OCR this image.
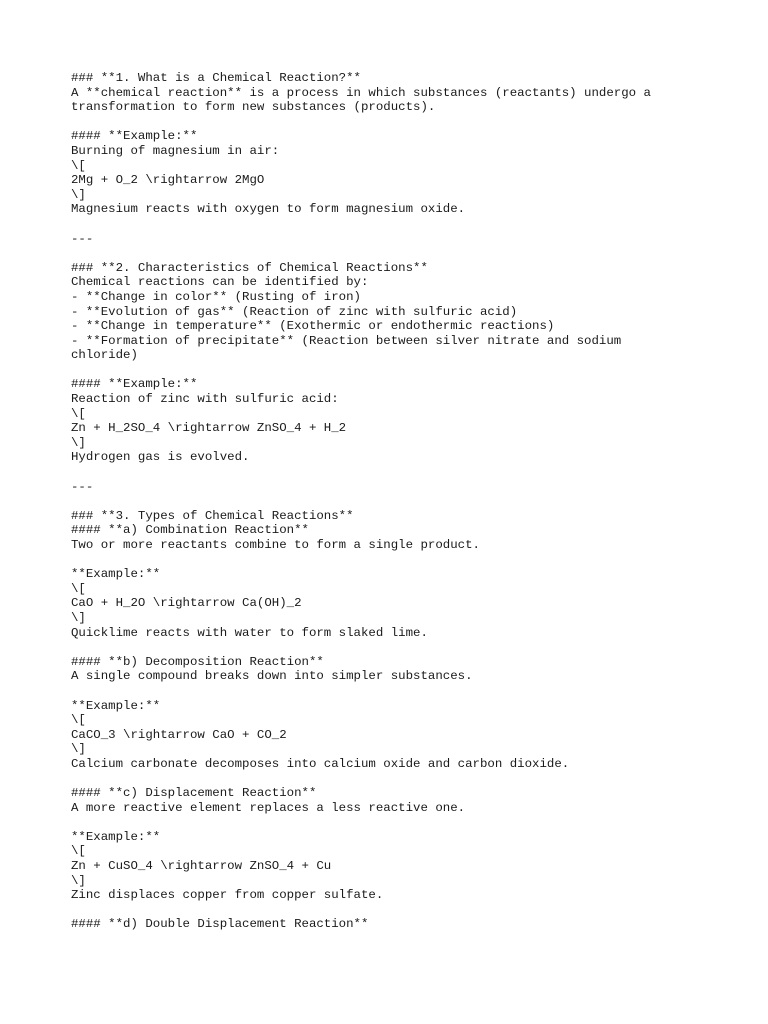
### **1. What is a Chemical Reaction?**
A **chemical reaction** is a process in which substances (reactants) undergo a
transformation to form new substances (products).
#### **Example:**
Burning of magnesium in air:
\[
2Mg + O_2 \rightarrow 2MgO
\]
Magnesium reacts with oxygen to form magnesium oxide.
---
### **2. Characteristics of Chemical Reactions**
Chemical reactions can be identified by:
- **Change in color** (Rusting of iron)
- **Evolution of gas** (Reaction of zinc with sulfuric acid)
- **Change in temperature** (Exothermic or endothermic reactions)
- **Formation of precipitate** (Reaction between silver nitrate and sodium
chloride)
#### **Example:**
Reaction of zinc with sulfuric acid:
\[
Zn + H_2SO_4 \rightarrow ZnSO_4 + H_2
\]
Hydrogen gas is evolved.
---
### **3. Types of Chemical Reactions**
#### **a) Combination Reaction**
Two or more reactants combine to form a single product.
**Example:**
\[
CaO + H_2O \rightarrow Ca(OH)_2
\]
Quicklime reacts with water to form slaked lime.
#### **b) Decomposition Reaction**
A single compound breaks down into simpler substances.
**Example:**
\[
CaCO_3 \rightarrow CaO + CO_2
\]
Calcium carbonate decomposes into calcium oxide and carbon dioxide.
#### **c) Displacement Reaction**
A more reactive element replaces a less reactive one.
**Example:**
\[
Zn + CuSO_4 \rightarrow ZnSO_4 + Cu
\]
Zinc displaces copper from copper sulfate.
#### **d) Double Displacement Reaction**
